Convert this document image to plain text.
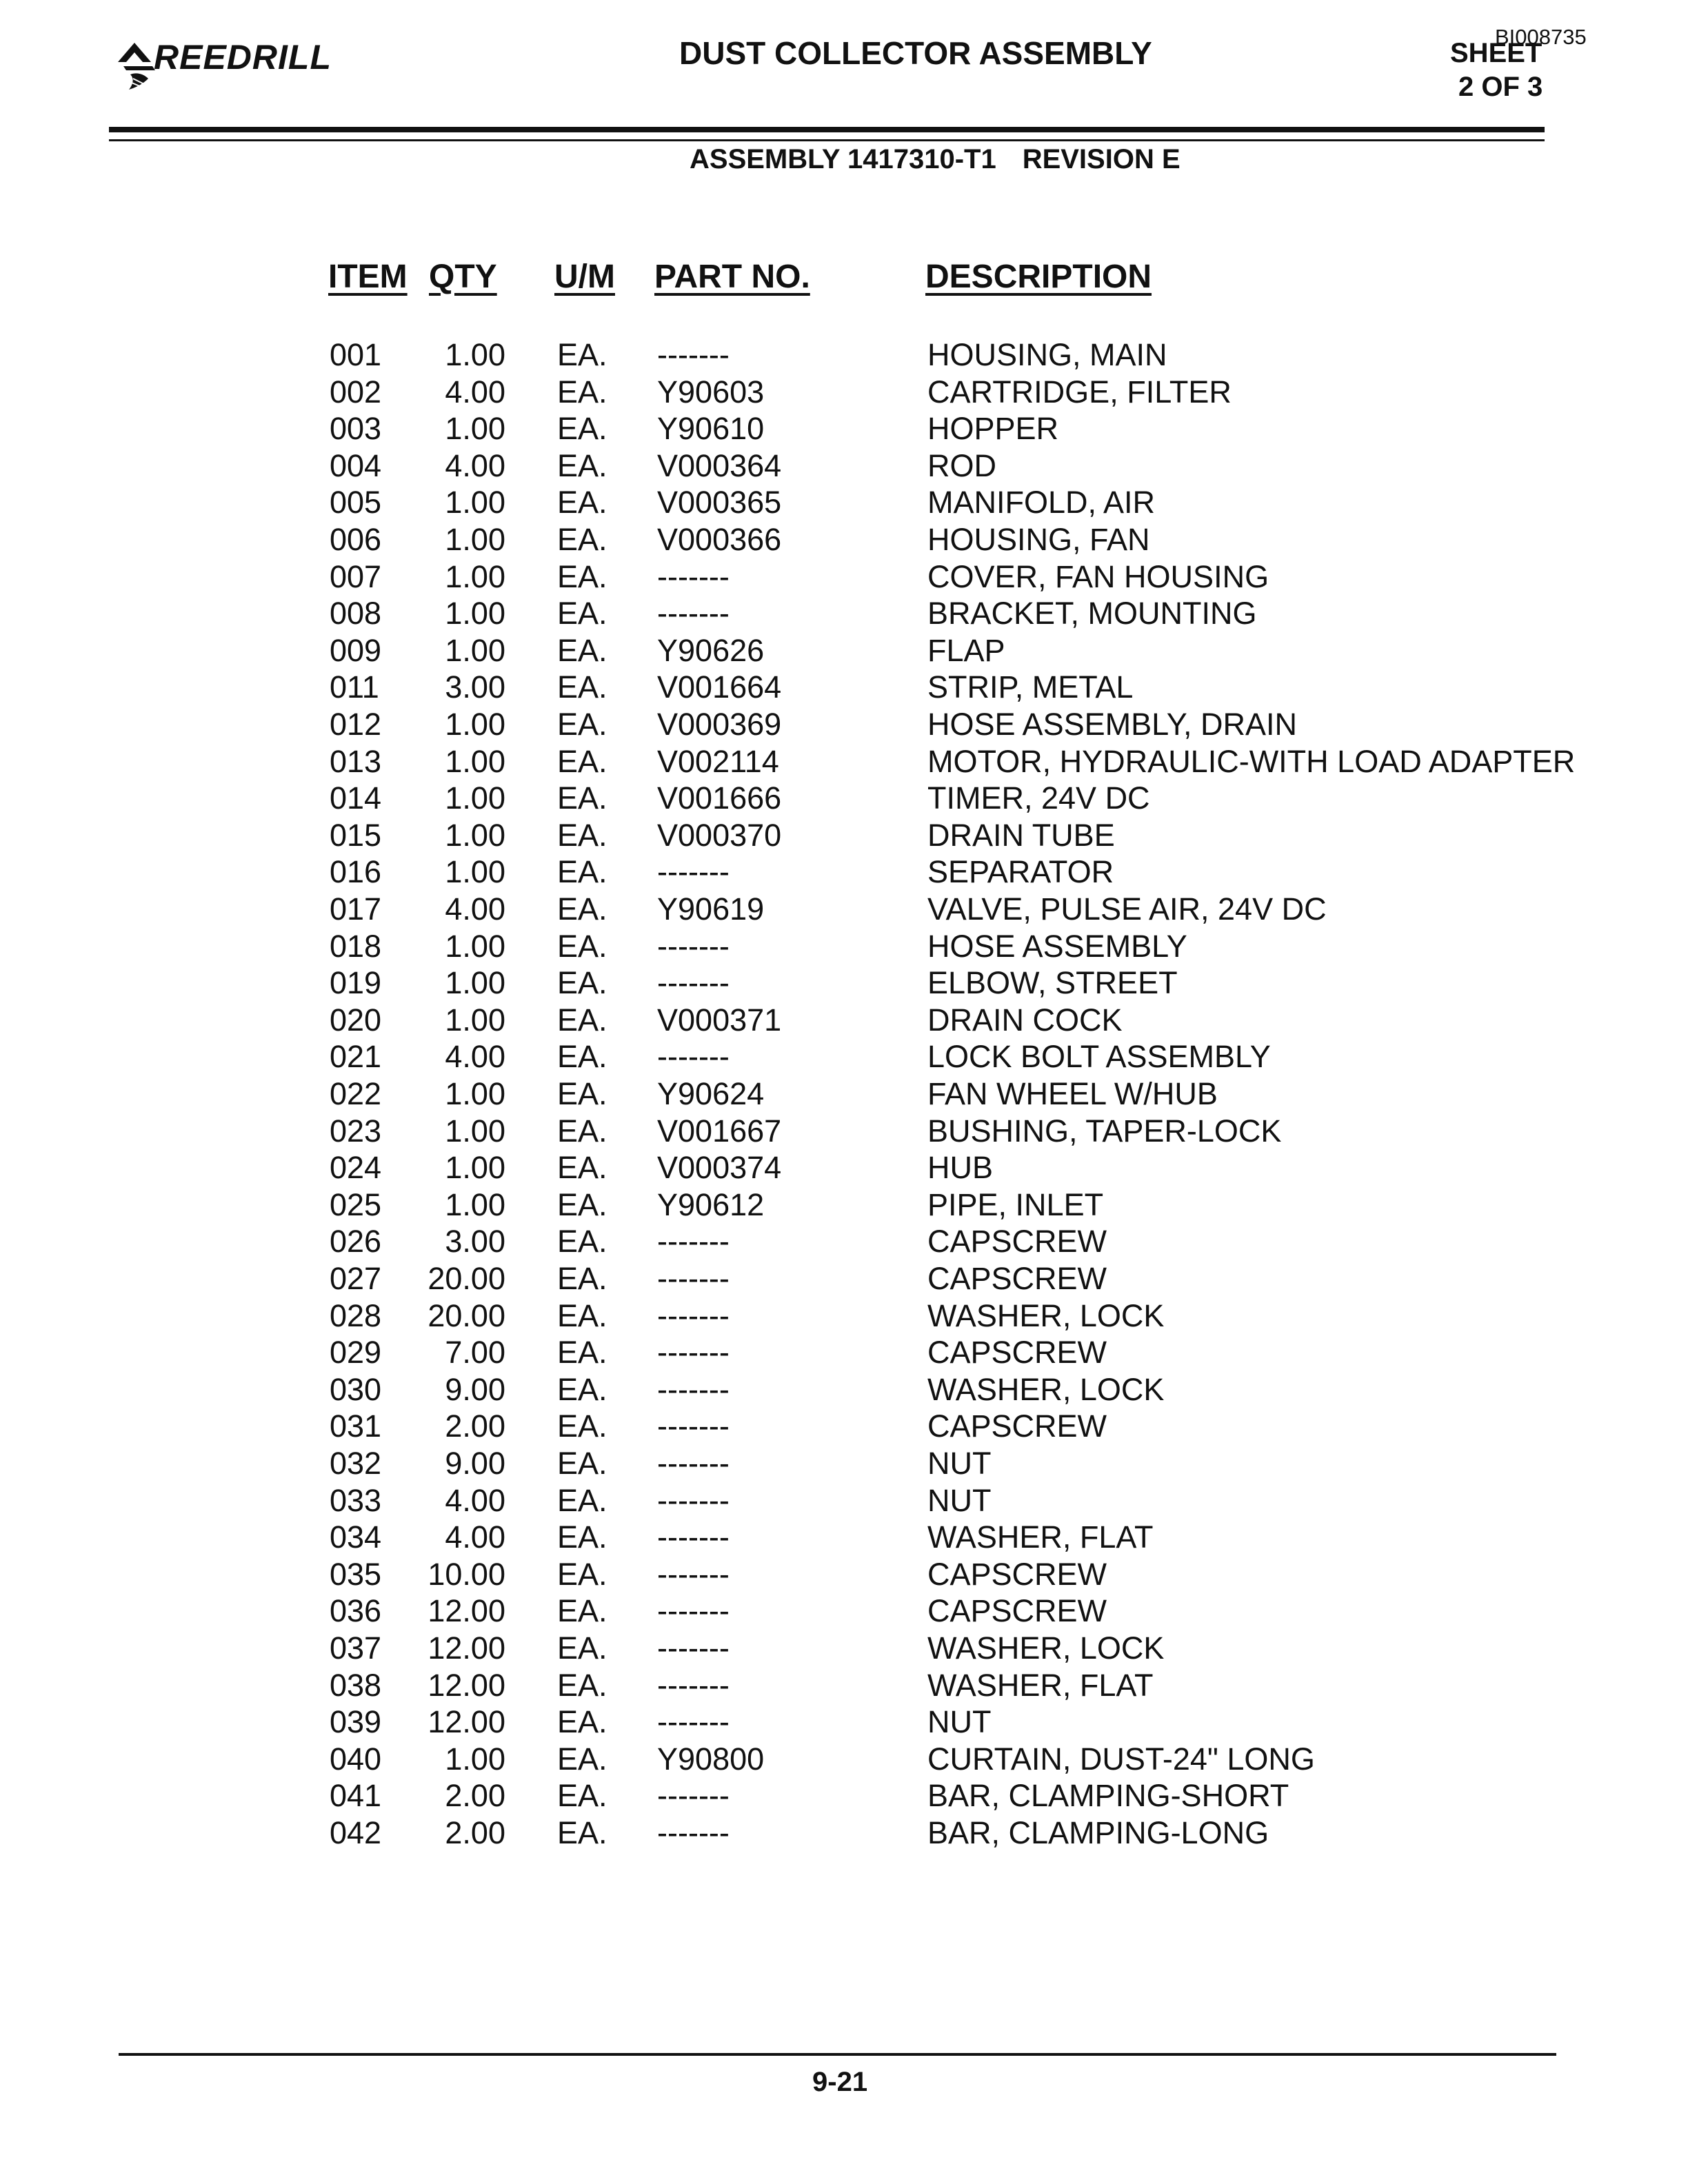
REEDRILL	DUST COLLECTOR ASSEMBLY	BI008735
SHEET
2 OF 3
ASSEMBLY 1417310-T1 REVISION E
ITEM QTY U/M PART NO.	DESCRIPTION
001	1.00 EA. -------	HOUSING, MAIN
002	4.00 EA. Y90603	CARTRIDGE, FILTER
003	1.00 EA. Y90610	HOPPER
004	4.00 EA. V000364	ROD
005	1.00 EA. V000365	MANIFOLD, AIR
006	1.00 EA. V000366	HOUSING, FAN
007	1.00 EA. -------	COVER, FAN HOUSING
008	1.00 EA. -------	BRACKET, MOUNTING
009	1.00 EA. Y90626	FLAP
011	3.00 EA. V001664	STRIP, METAL
012	1.00 EA. V000369	HOSE ASSEMBLY, DRAIN
013	1.00 EA. V002114	MOTOR, HYDRAULIC-WITH LOAD ADAPTER
014	1.00 EA. V001666	TIMER, 24V DC
015	1.00 EA. V000370	DRAIN TUBE
016	1.00 EA. -------	SEPARATOR
017	4.00 EA. Y90619	VALVE, PULSE AIR, 24V DC
018	1.00 EA. -------	HOSE ASSEMBLY
019	1.00 EA. -------	ELBOW, STREET
020	1.00 EA. V000371	DRAIN COCK
021	4.00 EA. -------	LOCK BOLT ASSEMBLY
022	1.00 EA. Y90624	FAN WHEEL W/HUB
023	1.00 EA. V001667	BUSHING, TAPER-LOCK
024	1.00 EA. V000374	HUB
025	1.00 EA. Y90612	PIPE, INLET
026	3.00 EA. -------	CAPSCREW
027 20.00 EA. -------	CAPSCREW
028 20.00 EA. -------	WASHER, LOCK
029	7.00 EA. -------	CAPSCREW
030	9.00 EA. -------	WASHER, LOCK
031	2.00 EA. -------	CAPSCREW
032	9.00 EA. -------	NUT
033	4.00 EA. -------	NUT
034	4.00 EA. -------	WASHER, FLAT
035 10.00 EA. -------	CAPSCREW
036 12.00 EA. -------	CAPSCREW
037 12.00 EA. -------	WASHER, LOCK
038 12.00 EA. -------	WASHER, FLAT
039 12.00 EA. -------	NUT
040	1.00 EA. Y90800	CURTAIN, DUST-24" LONG
041	2.00 EA. -------	BAR, CLAMPING-SHORT
042	2.00 EA. -------	BAR, CLAMPING-LONG
9-21
